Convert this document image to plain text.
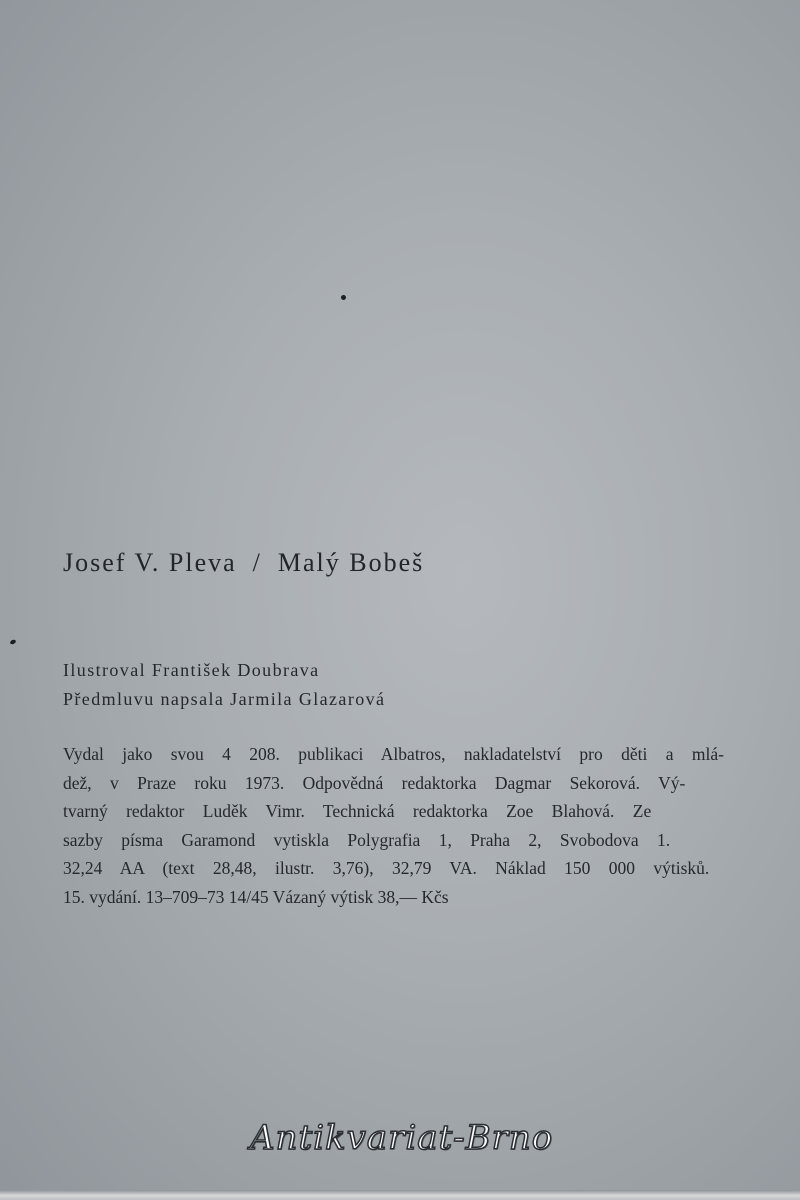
Josef V. Pleva / Malý Bobeš
Ilustroval František Doubrava
Předmluvu napsala Jarmila Glazarová
Vydal jako svou 4 208. publikaci Albatros, nakladatelství pro děti a mlá-
dež, v Praze roku 1973. Odpovědná redaktorka Dagmar Sekorová. Vý-
tvarný redaktor Luděk Vimr. Technická redaktorka Zoe Blahová. Ze
sazby písma Garamond vytiskla Polygrafia 1, Praha 2, Svobodova 1.
32,24 AA (text 28,48, ilustr. 3,76), 32,79 VA. Náklad 150 000 výtisků.
15. vydání. 13–709–73 14/45 Vázaný výtisk 38,— Kčs
Antikvariat-Brno
